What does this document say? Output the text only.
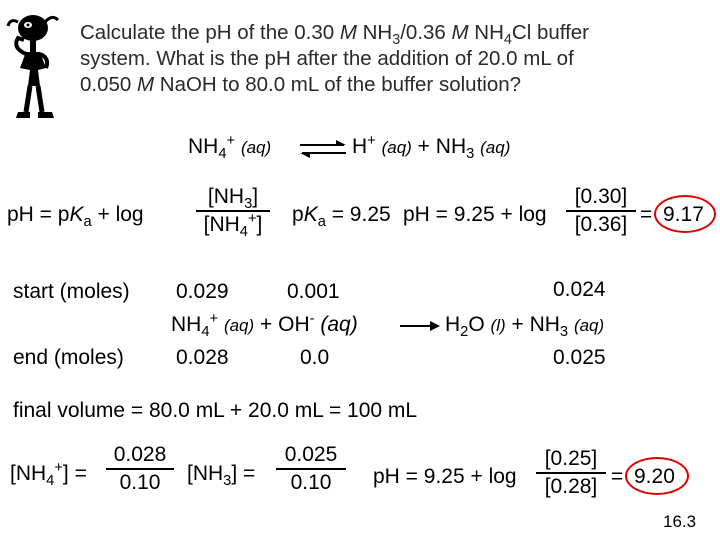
Calculate the pH of the 0.30 M $NH_3/0.36$ M $NH_4Cl$ buffer
system. What is the pH after the addition of 20.0 mL of
0.050 M NaOH to 80.0 mL of the buffer solution?
$NH_4^+$ (aq) ⇌ H+ $(aq) + NH_3$ (aq)
pH = $pK_a + \log$
$[NH_3]$
$[NH_4^+]$	$pK_a = 9.25$ pH = 9.25 + log
[0.30]
[0.36] = 9.17
start (moles) 0.029	0.001	0.024
$NH_4^+$ (aq) + OH- (aq)	→ $H_2O$ $(l) + NH_3$ (aq)
end (moles) 0.028	0.0	0.025
final volume = 80.0 mL + 20.0 mL = 100 mL
$[NH_4^+]$ =
0.028
0.10	$[NH_3]$ =
0.025
0.10	pH = 9.25 + log
[0.25]
[0.28] = 9.20
16.3
